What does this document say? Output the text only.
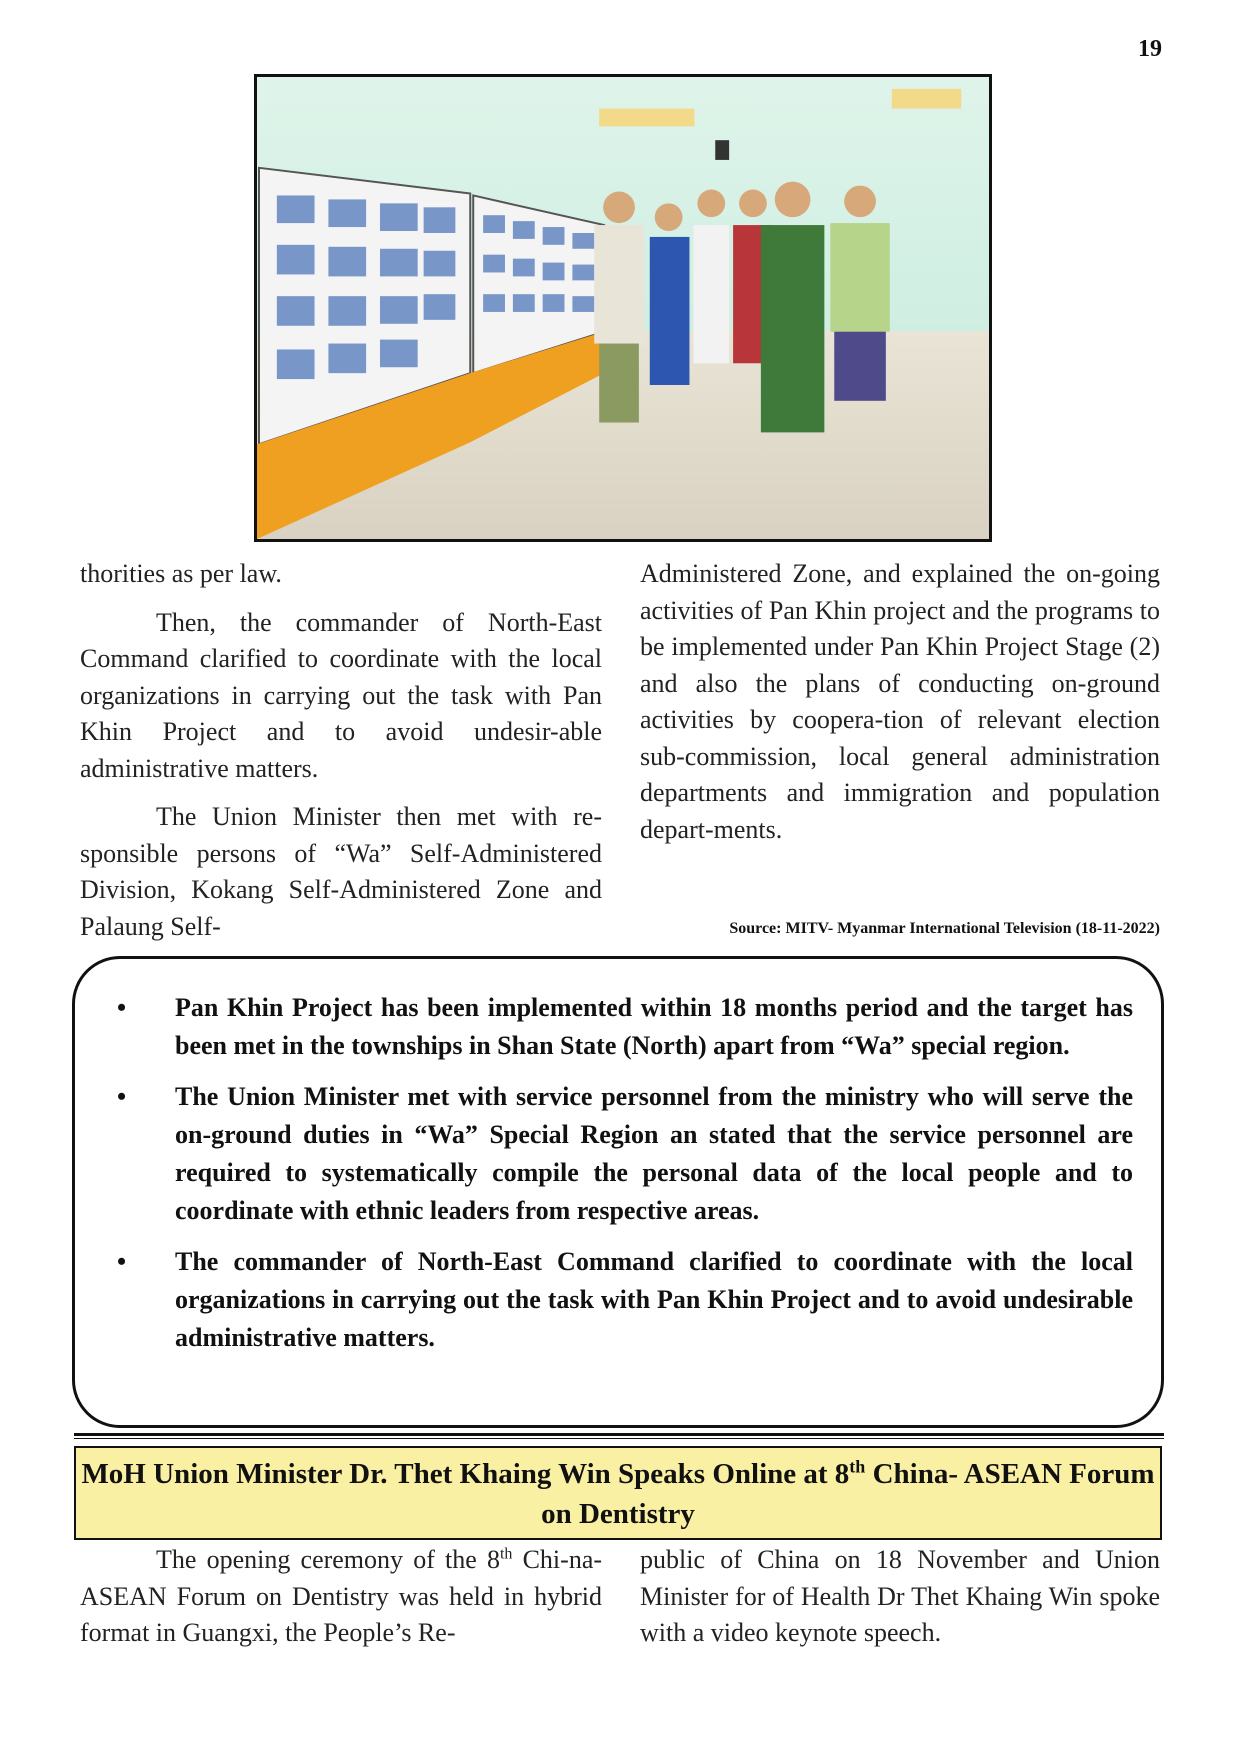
19

thorities as per law.

Then, the commander of North-East Command clarified to coordinate with the local organizations in carrying out the task with Pan Khin Project and to avoid undesir-able administrative matters.

The Union Minister then met with re-sponsible persons of “Wa” Self-Administered Division, Kokang Self-Administered Zone and Palaung Self-

Administered Zone, and explained the on-going activities of Pan Khin project and the programs to be implemented under Pan Khin Project Stage (2) and also the plans of conducting on-ground activities by coopera-tion of relevant election sub-commission, local general administration departments and immigration and population depart-ments.

Source: MITV- Myanmar International Television (18-11-2022)
• Pan Khin Project has been implemented within 18 months period and the target has been met in the townships in Shan State (North) apart from “Wa” special region.
• The Union Minister met with service personnel from the ministry who will serve the on-ground duties in “Wa” Special Region an stated that the service personnel are required to systematically compile the personal data of the local people and to coordinate with ethnic leaders from respective areas.
• The commander of North-East Command clarified to coordinate with the local organizations in carrying out the task with Pan Khin Project and to avoid undesirable administrative matters.
MoH Union Minister Dr. Thet Khaing Win Speaks Online at 8th China- ASEAN Forum on Dentistry

The opening ceremony of the 8th Chi-na-ASEAN Forum on Dentistry was held in hybrid format in Guangxi, the People’s Re-

public of China on 18 November and Union Minister for of Health Dr Thet Khaing Win spoke with a video keynote speech.
